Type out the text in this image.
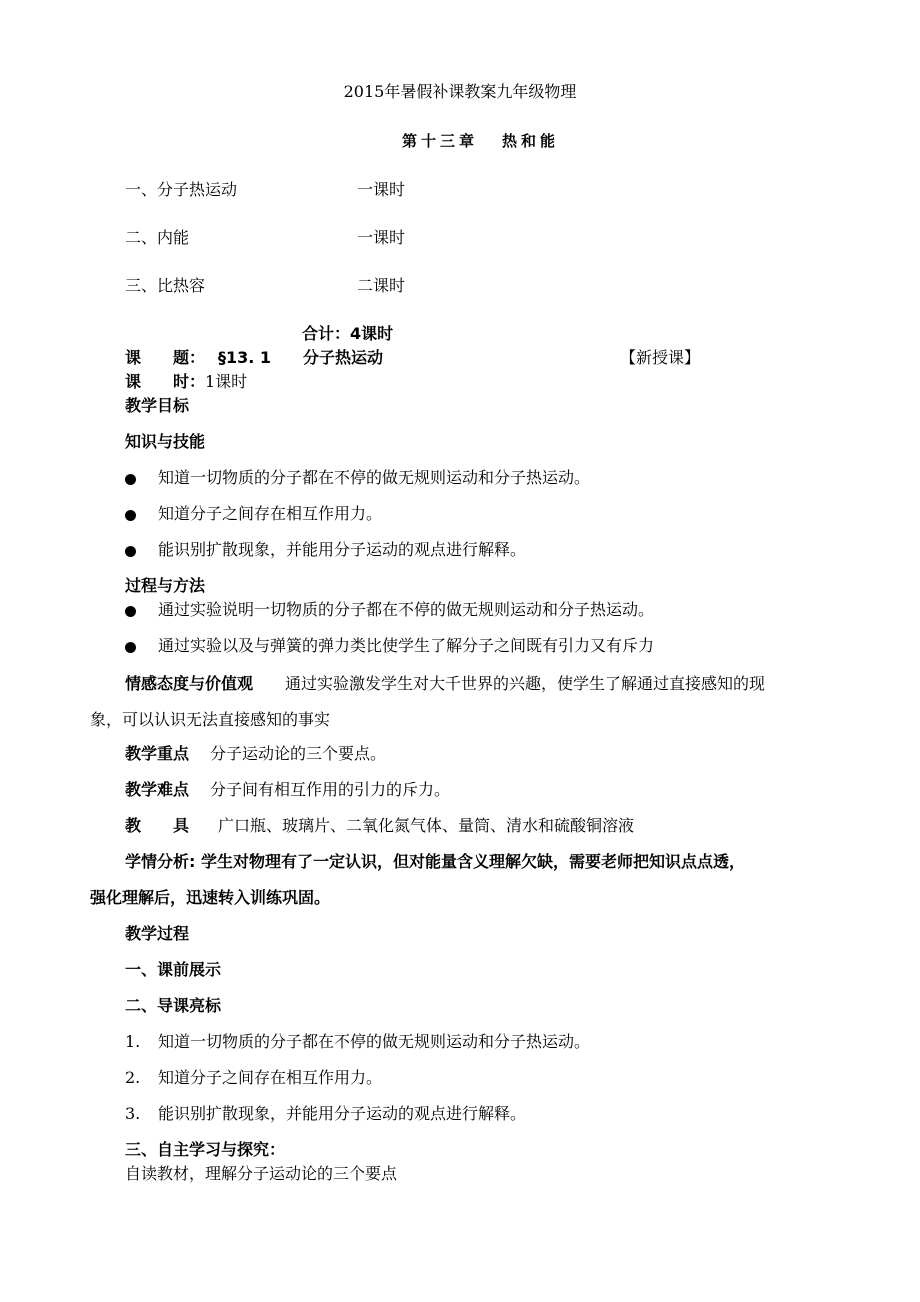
2015年暑假补课教案九年级物理
第十三章 热和能
一、分子热运动	一课时
二、内能	一课时
三、比热容	二课时
合计：4课时
课　　题： §13. 1　　分子热运动	【新授课】
课　　时： 1课时
教学目标
知识与技能
知道一切物质的分子都在不停的做无规则运动和分子热运动。
知道分子之间存在相互作用力。
能识别扩散现象，并能用分子运动的观点进行解释。
过程与方法
通过实验说明一切物质的分子都在不停的做无规则运动和分子热运动。
通过实验以及与弹簧的弹力类比使学生了解分子之间既有引力又有斥力
情感态度与价值观 通过实验激发学生对大千世界的兴趣，使学生了解通过直接感知的现
象，可以认识无法直接感知的事实
教学重点 分子运动论的三个要点。
教学难点 分子间有相互作用的引力的斥力。
教　　具 广口瓶、玻璃片、二氧化氮气体、量筒、清水和硫酸铜溶液
学情分析: 学生对物理有了一定认识，但对能量含义理解欠缺，需要老师把知识点点透，
强化理解后，迅速转入训练巩固。
教学过程
一、课前展示
二、导课亮标
1. 知道一切物质的分子都在不停的做无规则运动和分子热运动。
2. 知道分子之间存在相互作用力。
3. 能识别扩散现象，并能用分子运动的观点进行解释。
三、自主学习与探究：
自读教材，理解分子运动论的三个要点
